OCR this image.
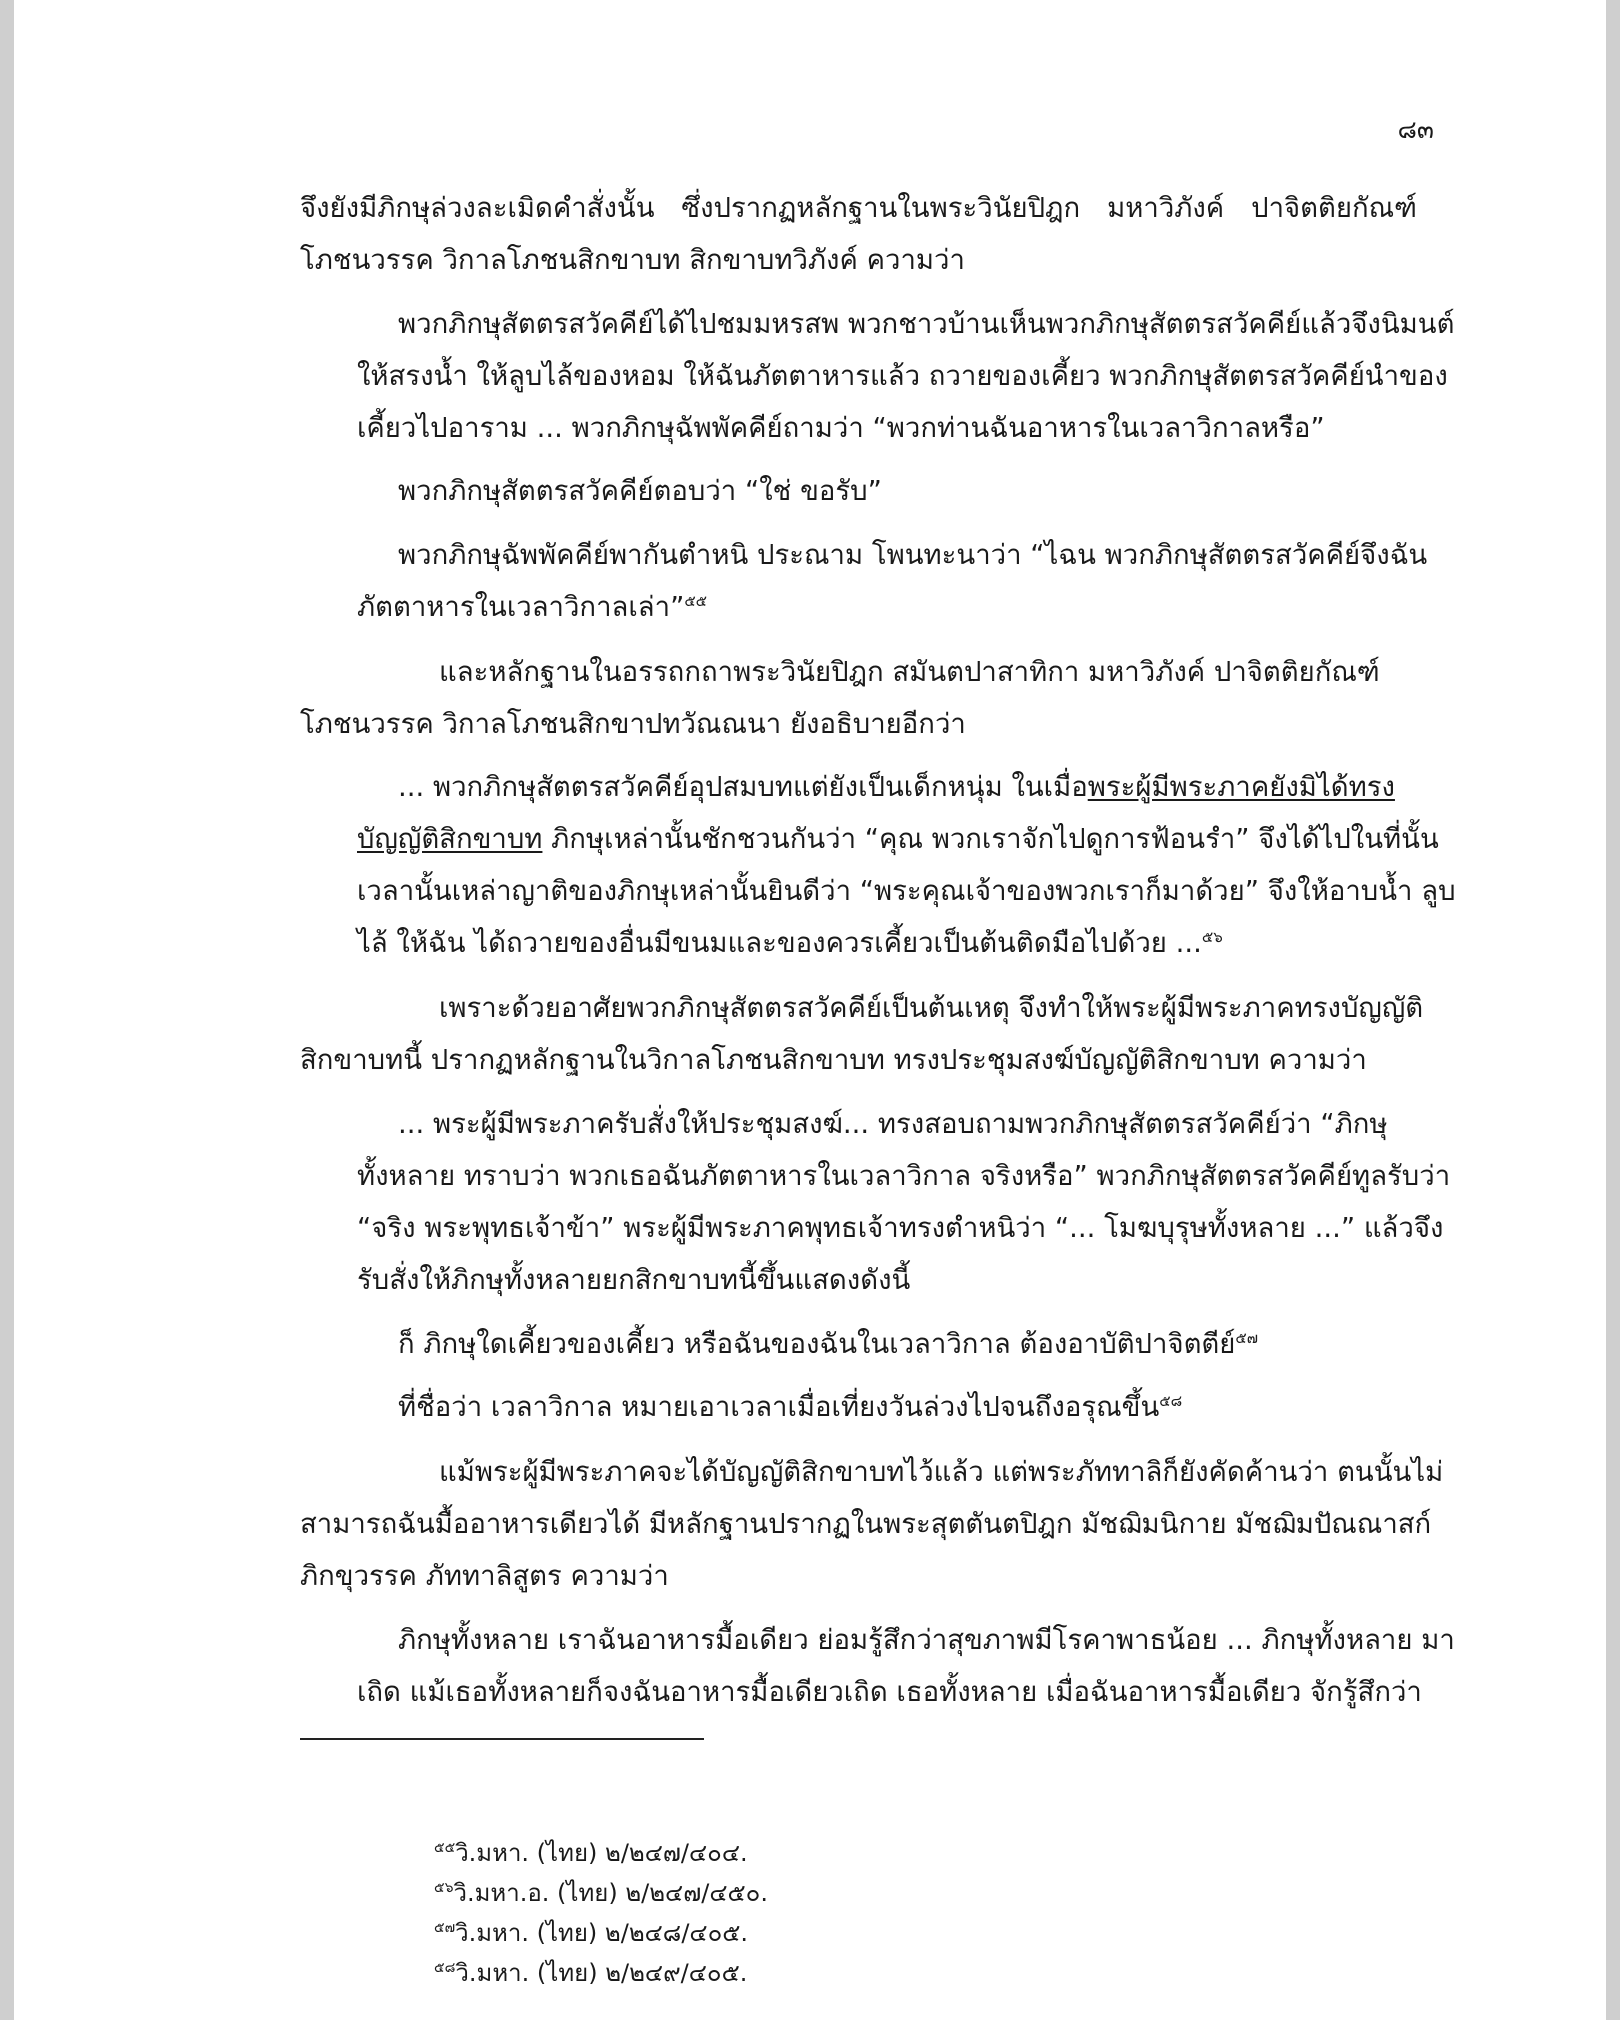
๘๓
จึงยังมีภิกษุล่วงละเมิดคำสั่งนั้น ซึ่งปรากฏหลักฐานในพระวินัยปิฎก มหาวิภังค์ ปาจิตติยกัณฑ์
โภชนวรรค วิกาลโภชนสิกขาบท สิกขาบทวิภังค์ ความว่า
พวกภิกษุสัตตรสวัคคีย์ได้ไปชมมหรสพ พวกชาวบ้านเห็นพวกภิกษุสัตตรสวัคคีย์แล้วจึงนิมนต์
ให้สรงน้ำ ให้ลูบไล้ของหอม ให้ฉันภัตตาหารแล้ว ถวายของเคี้ยว พวกภิกษุสัตตรสวัคคีย์นำของ
เคี้ยวไปอาราม ... พวกภิกษุฉัพพัคคีย์ถามว่า “พวกท่านฉันอาหารในเวลาวิกาลหรือ”
พวกภิกษุสัตตรสวัคคีย์ตอบว่า “ใช่ ขอรับ”
พวกภิกษุฉัพพัคคีย์พากันตำหนิ ประณาม โพนทะนาว่า “ไฉน พวกภิกษุสัตตรสวัคคีย์จึงฉัน
ภัตตาหารในเวลาวิกาลเล่า”$^{๕๕}$
และหลักฐานในอรรถกถาพระวินัยปิฎก สมันตปาสาทิกา มหาวิภังค์ ปาจิตติยกัณฑ์
โภชนวรรค วิกาลโภชนสิกขาปทวัณณนา ยังอธิบายอีกว่า
... พวกภิกษุสัตตรสวัคคีย์อุปสมบทแต่ยังเป็นเด็กหนุ่ม ในเมื่อพระผู้มีพระภาคยังมิได้ทรง
บัญญัติสิกขาบท ภิกษุเหล่านั้นชักชวนกันว่า “คุณ พวกเราจักไปดูการฟ้อนรำ” จึงได้ไปในที่นั้น
เวลานั้นเหล่าญาติของภิกษุเหล่านั้นยินดีว่า “พระคุณเจ้าของพวกเราก็มาด้วย” จึงให้อาบน้ำ ลูบ
ไล้ ให้ฉัน ได้ถวายของอื่นมีขนมและของควรเคี้ยวเป็นต้นติดมือไปด้วย ...$^{๕๖}$
เพราะด้วยอาศัยพวกภิกษุสัตตรสวัคคีย์เป็นต้นเหตุ จึงทำให้พระผู้มีพระภาคทรงบัญญัติ
สิกขาบทนี้ ปรากฏหลักฐานในวิกาลโภชนสิกขาบท ทรงประชุมสงฆ์บัญญัติสิกขาบท ความว่า
... พระผู้มีพระภาครับสั่งให้ประชุมสงฆ์... ทรงสอบถามพวกภิกษุสัตตรสวัคคีย์ว่า “ภิกษุ
ทั้งหลาย ทราบว่า พวกเธอฉันภัตตาหารในเวลาวิกาล จริงหรือ” พวกภิกษุสัตตรสวัคคีย์ทูลรับว่า
“จริง พระพุทธเจ้าข้า” พระผู้มีพระภาคพุทธเจ้าทรงตำหนิว่า “... โมฆบุรุษทั้งหลาย ...” แล้วจึง
รับสั่งให้ภิกษุทั้งหลายยกสิกขาบทนี้ขึ้นแสดงดังนี้
ก็ ภิกษุใดเคี้ยวของเคี้ยว หรือฉันของฉันในเวลาวิกาล ต้องอาบัติปาจิตตีย์$^{๕๗}$
ที่ชื่อว่า เวลาวิกาล หมายเอาเวลาเมื่อเที่ยงวันล่วงไปจนถึงอรุณขึ้น$^{๕๘}$
แม้พระผู้มีพระภาคจะได้บัญญัติสิกขาบทไว้แล้ว แต่พระภัททาลิก็ยังคัดค้านว่า ตนนั้นไม่
สามารถฉันมื้ออาหารเดียวได้ มีหลักฐานปรากฏในพระสุตตันตปิฎก มัชฌิมนิกาย มัชฌิมปัณณาสก์
ภิกขุวรรค ภัททาลิสูตร ความว่า
ภิกษุทั้งหลาย เราฉันอาหารมื้อเดียว ย่อมรู้สึกว่าสุขภาพมีโรคาพาธน้อย ... ภิกษุทั้งหลาย มา
เถิด แม้เธอทั้งหลายก็จงฉันอาหารมื้อเดียวเถิด เธอทั้งหลาย เมื่อฉันอาหารมื้อเดียว จักรู้สึกว่า
$^{๕๕}$วิ.มหา. (ไทย) ๒/๒๔๗/๔๐๔.
$^{๕๖}$วิ.มหา.อ. (ไทย) ๒/๒๔๗/๔๕๐.
$^{๕๗}$วิ.มหา. (ไทย) ๒/๒๔๘/๔๐๕.
$^{๕๘}$วิ.มหา. (ไทย) ๒/๒๔๙/๔๐๕.
